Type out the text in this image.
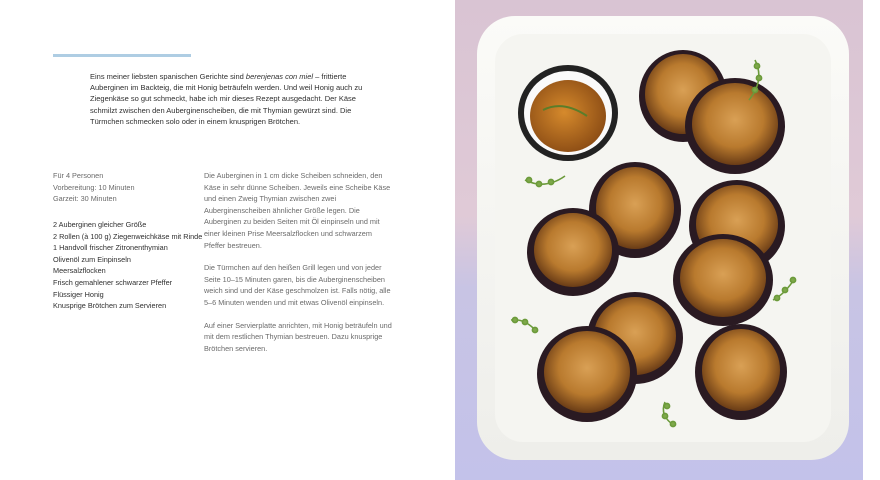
Eins meiner liebsten spanischen Gerichte sind berenjenas con miel – frittierte Auberginen im Backteig, die mit Honig beträufeln werden. Und weil Honig auch zu Ziegenkäse so gut schmeckt, habe ich mir dieses Rezept ausgedacht. Der Käse schmilzt zwischen den Auberginenscheiben, die mit Thymian gewürzt sind. Die Türmchen schmecken solo oder in einem knusprigen Brötchen.

Für 4 Personen
Vorbereitung: 10 Minuten
Garzeit: 30 Minuten
2 Auberginen gleicher Größe
2 Rollen (à 100 g) Ziegenweichkäse mit Rinde
1 Handvoll frischer Zitronenthymian
Olivenöl zum Einpinseln
Meersalzflocken
Frisch gemahlener schwarzer Pfeffer
Flüssiger Honig
Knusprige Brötchen zum Servieren

Die Auberginen in 1 cm dicke Scheiben schneiden, den Käse in sehr dünne Scheiben. Jeweils eine Scheibe Käse und einen Zweig Thymian zwischen zwei Auberginenscheiben ähnlicher Größe legen. Die Auberginen zu beiden Seiten mit Öl einpinseln und mit einer kleinen Prise Meersalzflocken und schwarzem Pfeffer bestreuen.

Die Türmchen auf den heißen Grill legen und von jeder Seite 10–15 Minuten garen, bis die Auberginenscheiben weich sind und der Käse geschmolzen ist. Falls nötig, alle 5–6 Minuten wenden und mit etwas Olivenöl einpinseln.

Auf einer Servierplatte anrichten, mit Honig beträufeln und mit dem restlichen Thymian bestreuen. Dazu knusprige Brötchen servieren.
